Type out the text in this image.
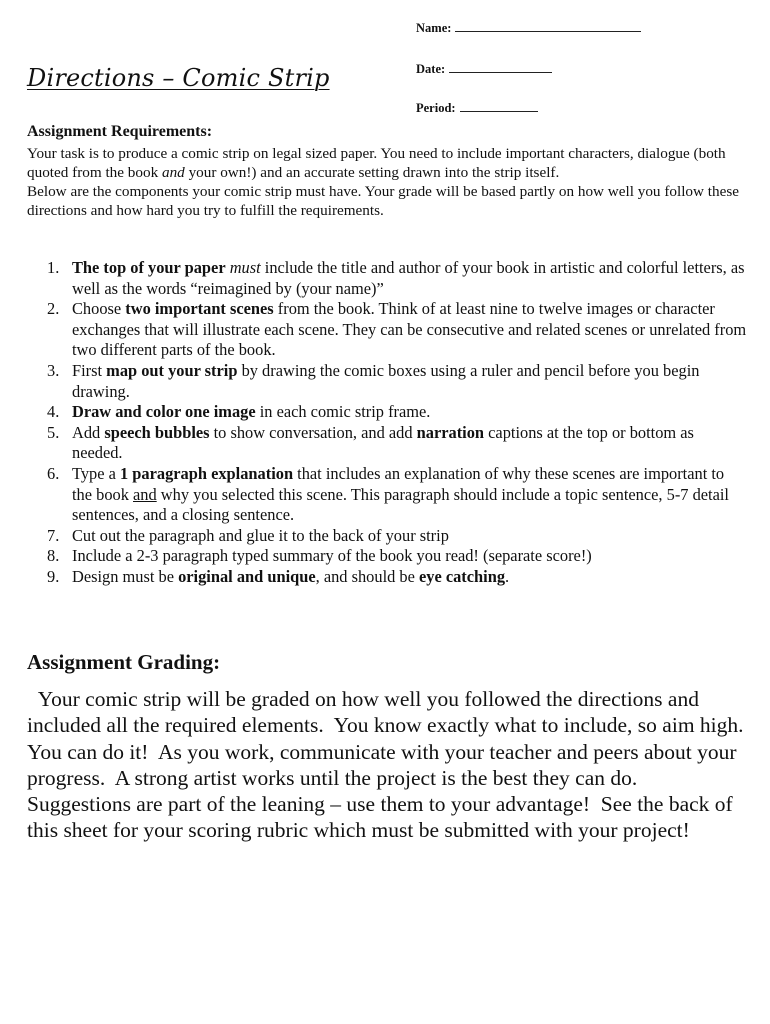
Name:
Date:
Period:
Directions – Comic Strip
Assignment Requirements:

Your task is to produce a comic strip on legal sized paper. You need to include important characters, dialogue (both quoted from the book and your own!) and an accurate setting drawn into the strip itself.

Below are the components your comic strip must have. Your grade will be based partly on how well you follow these directions and how hard you try to fulfill the requirements.

1. The top of your paper must include the title and author of your book in artistic and colorful letters, as well as the words “reimagined by (your name)”
2. Choose two important scenes from the book. Think of at least nine to twelve images or character exchanges that will illustrate each scene. They can be consecutive and related scenes or unrelated from two different parts of the book.
3. First map out your strip by drawing the comic boxes using a ruler and pencil before you begin drawing.
4. Draw and color one image in each comic strip frame.
5. Add speech bubbles to show conversation, and add narration captions at the top or bottom as needed.
6. Type a 1 paragraph explanation that includes an explanation of why these scenes are important to the book and why you selected this scene. This paragraph should include a topic sentence, 5-7 detail sentences, and a closing sentence.
7. Cut out the paragraph and glue it to the back of your strip
8. Include a 2-3 paragraph typed summary of the book you read! (separate score!)
9. Design must be original and unique, and should be eye catching.
Assignment Grading:
Your comic strip will be graded on how well you followed the directions and included all the required elements.  You know exactly what to include, so aim high.  You can do it!  As you work, communicate with your teacher and peers about your progress.  A strong artist works until the project is the best they can do.  Suggestions are part of the leaning – use them to your advantage!  See the back of this sheet for your scoring rubric which must be submitted with your project!
